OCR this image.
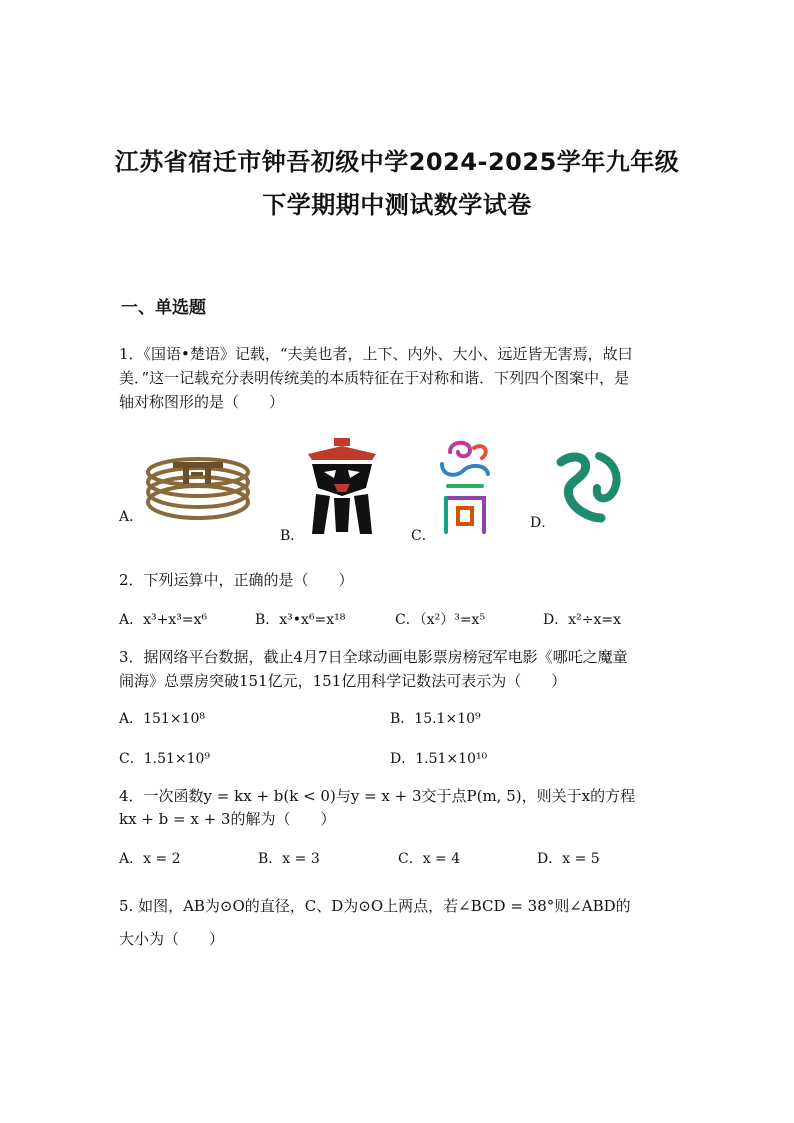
江苏省宿迁市钟吾初级中学2024-2025学年九年级
下学期期中测试数学试卷
一、单选题
1．《国语•楚语》记载，“夫美也者，上下、内外、大小、远近皆无害焉，故曰
美．”这一记载充分表明传统美的本质特征在于对称和谐．下列四个图案中，是
轴对称图形的是（　　）
A．
B．	C．
D．
2．下列运算中，正确的是（　　）
A．x³+x³=x⁶	B．x³•x⁶=x¹⁸	C．（x²）³=x⁵	D．x²÷x=x
3．据网络平台数据，截止4月7日全球动画电影票房榜冠军电影《哪吒之魔童
闹海》总票房突破151亿元，151亿用科学记数法可表示为（　　）
A．151×10⁸	B．15.1×10⁹
C．1.51×10⁹	D．1.51×10¹⁰
4．一次函数y = kx + b(k < 0)与y = x + 3交于点P(m, 5)，则关于x的方程
kx + b = x + 3的解为（　　）
A．x = 2	B．x = 3	C．x = 4	D．x = 5
5. 如图，AB为⊙O的直径，C、D为⊙O上两点，若∠BCD = 38°则∠ABD的
大小为（　　）
